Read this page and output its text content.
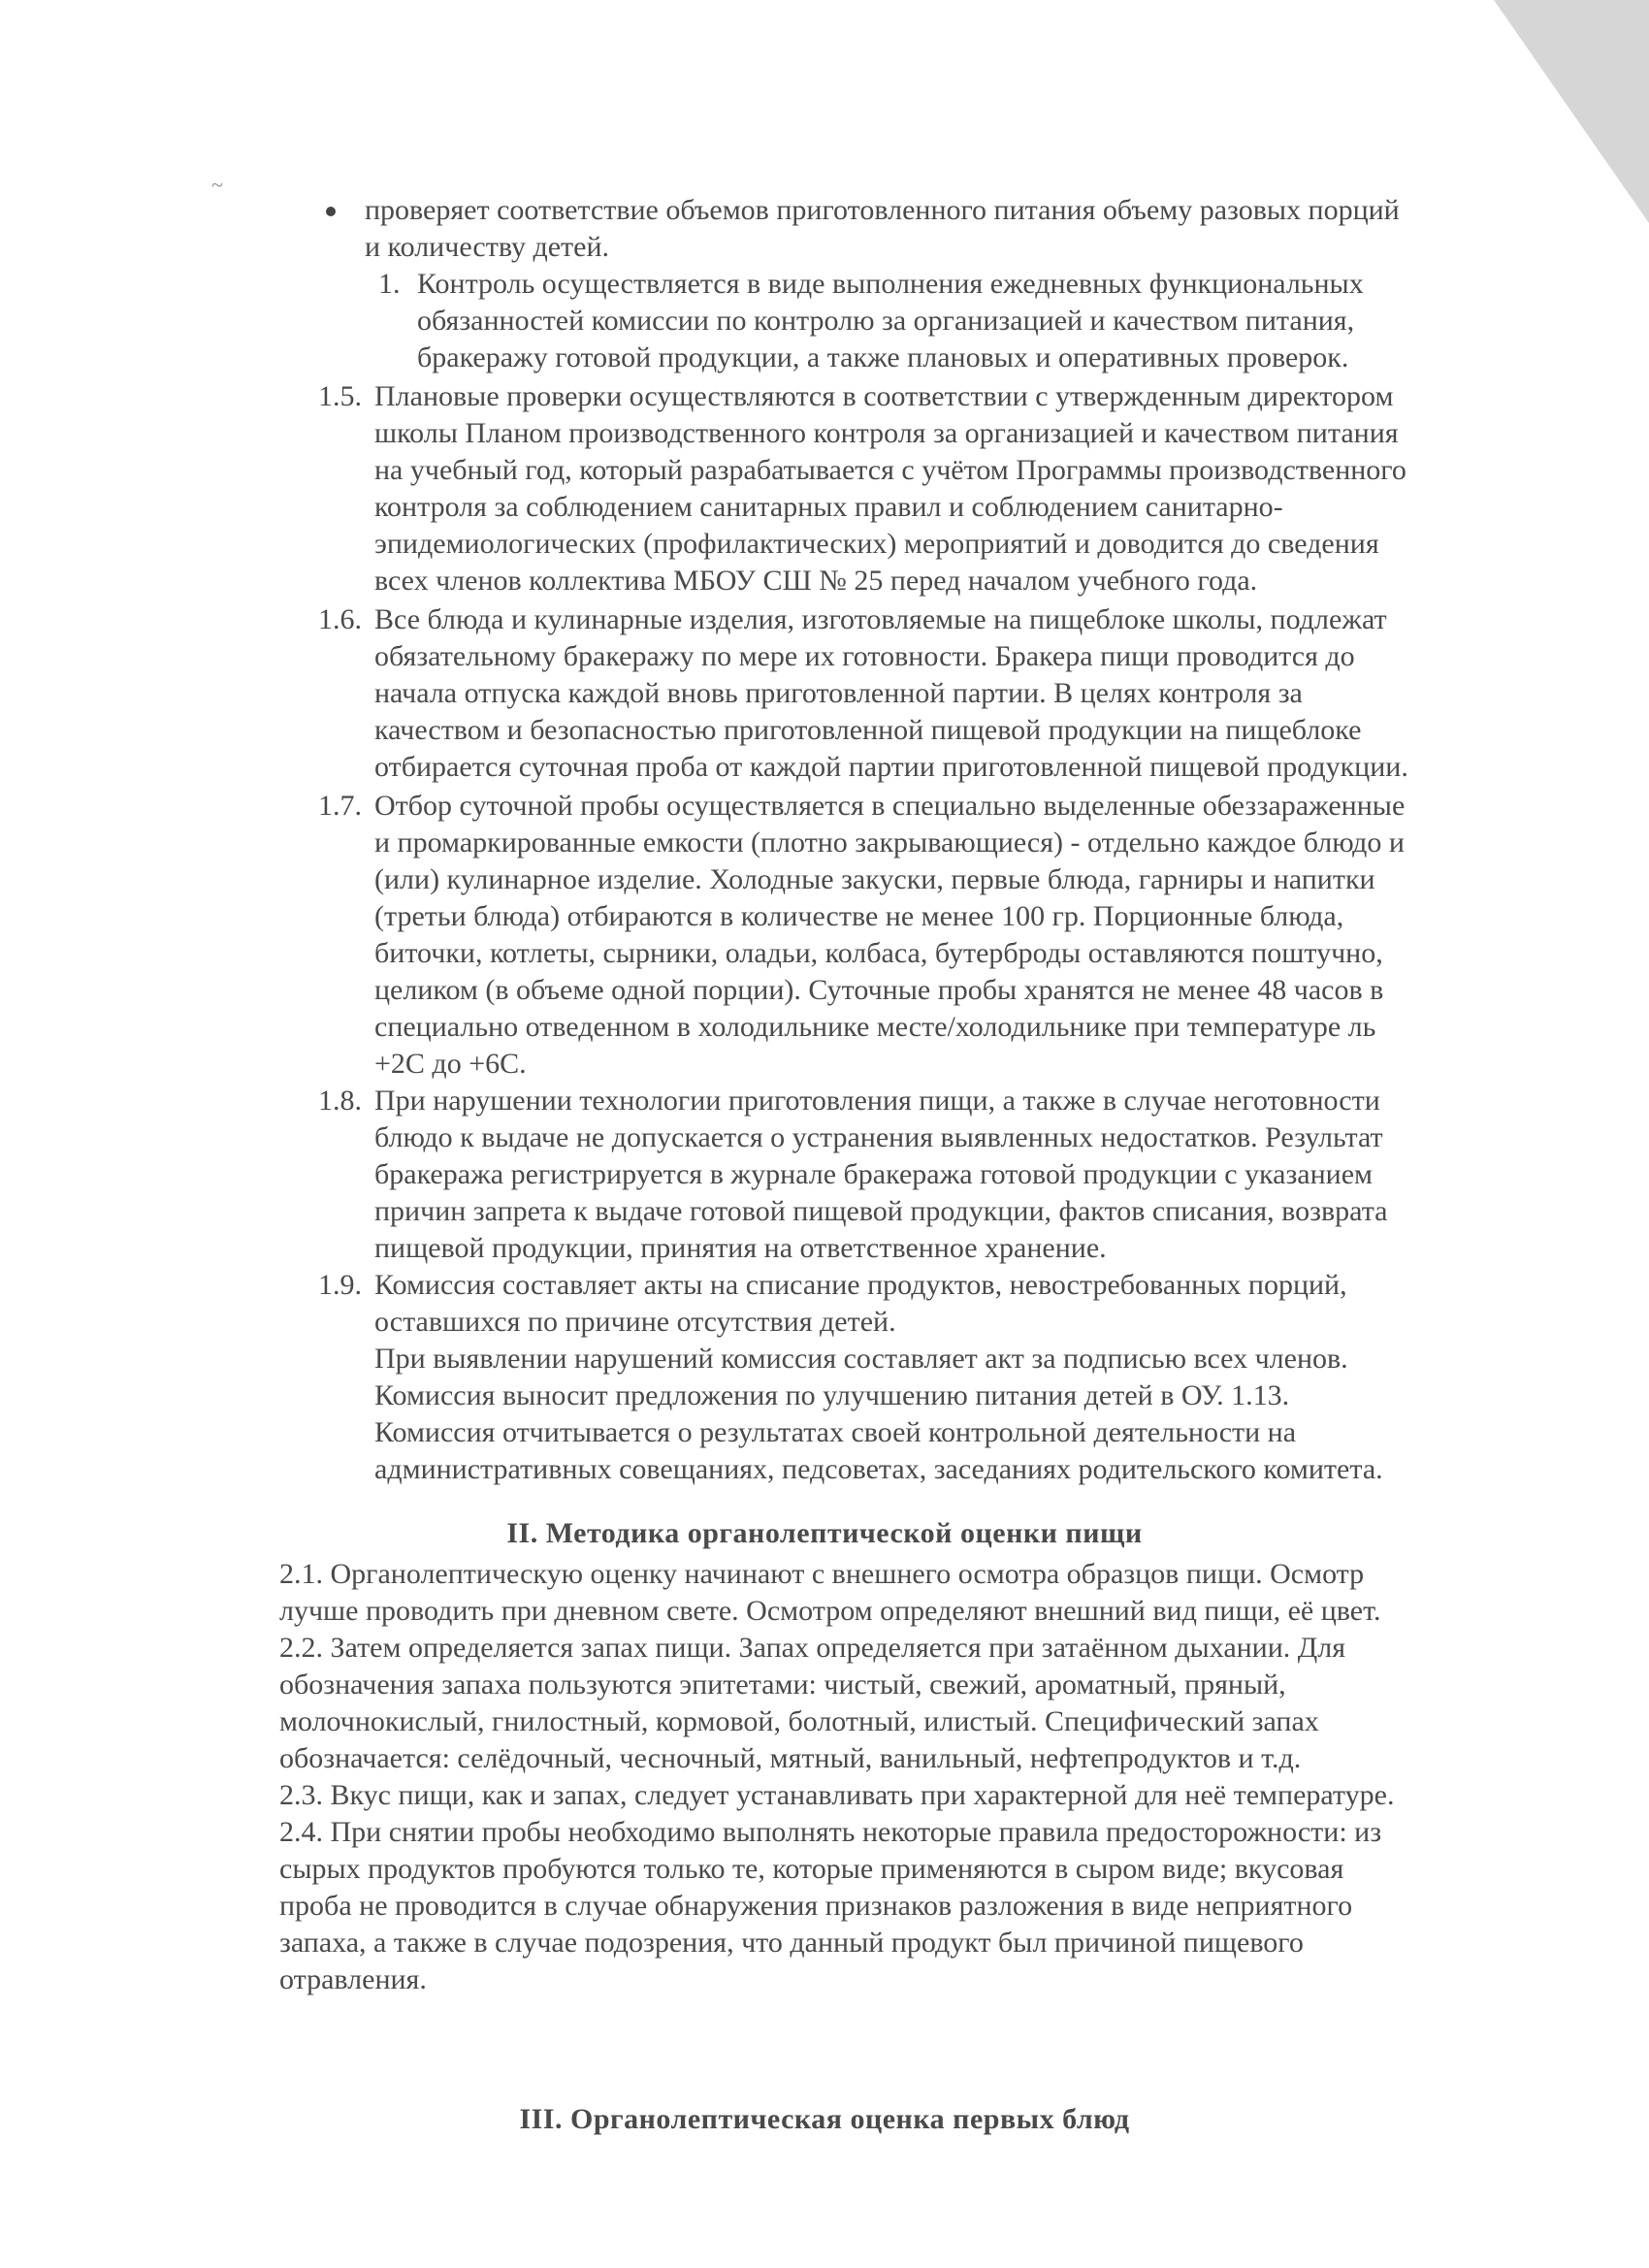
~
проверяет соответствие объемов приготовленного питания объему разовых порций
и количеству детей.
1. Контроль осуществляется в виде выполнения ежедневных функциональных
обязанностей комиссии по контролю за организацией и качеством питания,
бракеражу готовой продукции, а также плановых и оперативных проверок.
1.5. Плановые проверки осуществляются в соответствии с утвержденным директором
школы Планом производственного контроля за организацией и качеством питания
на учебный год, который разрабатывается с учётом Программы производственного
контроля за соблюдением санитарных правил и соблюдением санитарно-
эпидемиологических (профилактических) мероприятий и доводится до сведения
всех членов коллектива МБОУ СШ № 25 перед началом учебного года.
1.6. Все блюда и кулинарные изделия, изготовляемые на пищеблоке школы, подлежат
обязательному бракеражу по мере их готовности. Бракера пищи проводится до
начала отпуска каждой вновь приготовленной партии. В целях контроля за
качеством и безопасностью приготовленной пищевой продукции на пищеблоке
отбирается суточная проба от каждой партии приготовленной пищевой продукции.
1.7. Отбор суточной пробы осуществляется в специально выделенные обеззараженные
и промаркированные емкости (плотно закрывающиеся) - отдельно каждое блюдо и
(или) кулинарное изделие. Холодные закуски, первые блюда, гарниры и напитки
(третьи блюда) отбираются в количестве не менее 100 гр. Порционные блюда,
биточки, котлеты, сырники, оладьи, колбаса, бутерброды оставляются поштучно,
целиком (в объеме одной порции). Суточные пробы хранятся не менее 48 часов в
специально отведенном в холодильнике месте/холодильнике при температуре ль
+2С до +6С.
1.8. При нарушении технологии приготовления пищи, а также в случае неготовности
блюдо к выдаче не допускается о устранения выявленных недостатков. Результат
бракеража регистрируется в журнале бракеража готовой продукции с указанием
причин запрета к выдаче готовой пищевой продукции, фактов списания, возврата
пищевой продукции, принятия на ответственное хранение.
1.9. Комиссия составляет акты на списание продуктов, невостребованных порций,
оставшихся по причине отсутствия детей.
При выявлении нарушений комиссия составляет акт за подписью всех членов.
Комиссия выносит предложения по улучшению питания детей в ОУ. 1.13.
Комиссия отчитывается о результатах своей контрольной деятельности на
административных совещаниях, педсоветах, заседаниях родительского комитета.
II. Методика органолептической оценки пищи
2.1. Органолептическую оценку начинают с внешнего осмотра образцов пищи. Осмотр
лучше проводить при дневном свете. Осмотром определяют внешний вид пищи, её цвет.
2.2. Затем определяется запах пищи. Запах определяется при затаённом дыхании. Для
обозначения запаха пользуются эпитетами: чистый, свежий, ароматный, пряный,
молочнокислый, гнилостный, кормовой, болотный, илистый. Специфический запах
обозначается: селёдочный, чесночный, мятный, ванильный, нефтепродуктов и т.д.
2.3. Вкус пищи, как и запах, следует устанавливать при характерной для неё температуре.
2.4. При снятии пробы необходимо выполнять некоторые правила предосторожности: из
сырых продуктов пробуются только те, которые применяются в сыром виде; вкусовая
проба не проводится в случае обнаружения признаков разложения в виде неприятного
запаха, а также в случае подозрения, что данный продукт был причиной пищевого
отравления.
III. Органолептическая оценка первых блюд
